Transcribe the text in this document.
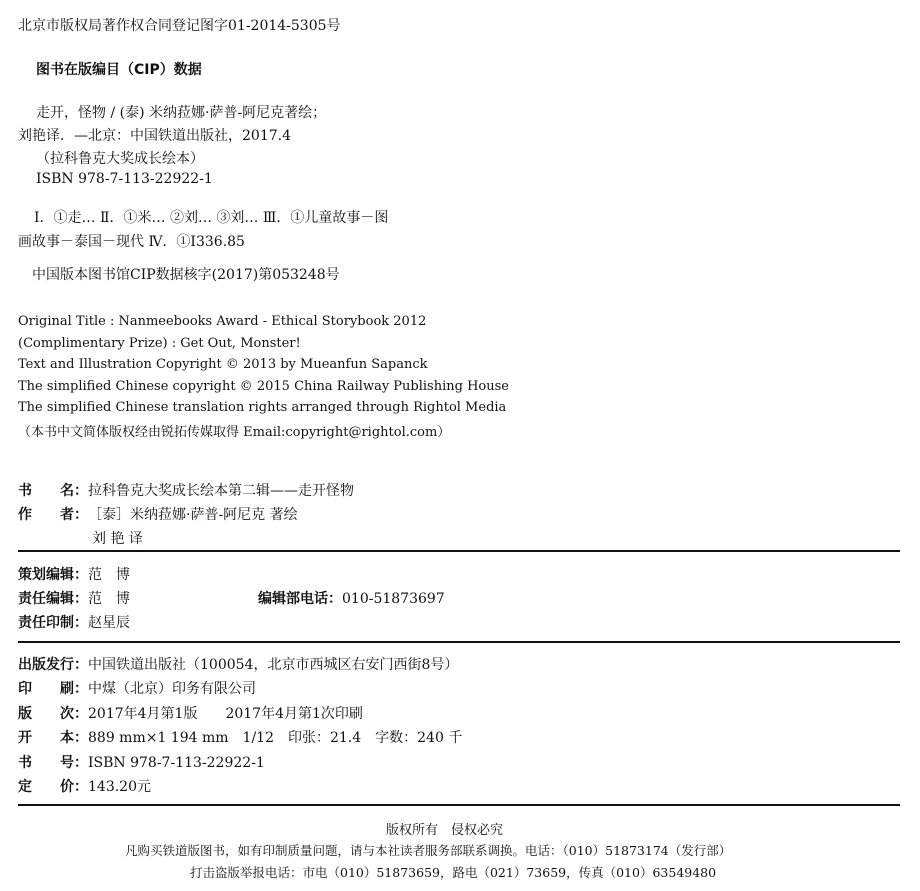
北京市版权局著作权合同登记图字01-2014-5305号
图书在版编目（CIP）数据
走开，怪物 / (泰) 米纳菈娜·萨普-阿尼克著绘；
刘艳译．—北京：中国铁道出版社，2017.4
（拉科鲁克大奖成长绘本）
ISBN 978-7-113-22922-1
Ⅰ．①走… Ⅱ．①米… ②刘… ③刘… Ⅲ．①儿童故事－图
画故事－泰国－现代 Ⅳ．①I336.85
中国版本图书馆CIP数据核字(2017)第053248号
Original Title : Nanmeebooks Award - Ethical Storybook 2012
(Complimentary Prize) : Get Out, Monster!
Text and Illustration Copyright © 2013 by Mueanfun Sapanck
The simplified Chinese copyright © 2015 China Railway Publishing House
The simplified Chinese translation rights arranged through Rightol Media
（本书中文简体版权经由锐拓传媒取得 Email:copyright@rightol.com）
书　　名：拉科鲁克大奖成长绘本第二辑——走开怪物
作　　者：［泰］米纳菈娜·萨普-阿尼克 著绘
刘 艳 译
策划编辑：范　博
责任编辑：范　博	编辑部电话：010-51873697
责任印制：赵星辰
出版发行：中国铁道出版社（100054，北京市西城区右安门西街8号）
印　　刷：中煤（北京）印务有限公司
版　　次：2017年4月第1版　　2017年4月第1次印刷
开　　本：889 mm×1 194 mm　1/12　印张：21.4　字数：240 千
书　　号：ISBN 978-7-113-22922-1
定　　价：143.20元
版权所有　侵权必究
凡购买铁道版图书，如有印制质量问题，请与本社读者服务部联系调换。电话：（010）51873174（发行部）
打击盗版举报电话：市电（010）51873659，路电（021）73659，传真（010）63549480
